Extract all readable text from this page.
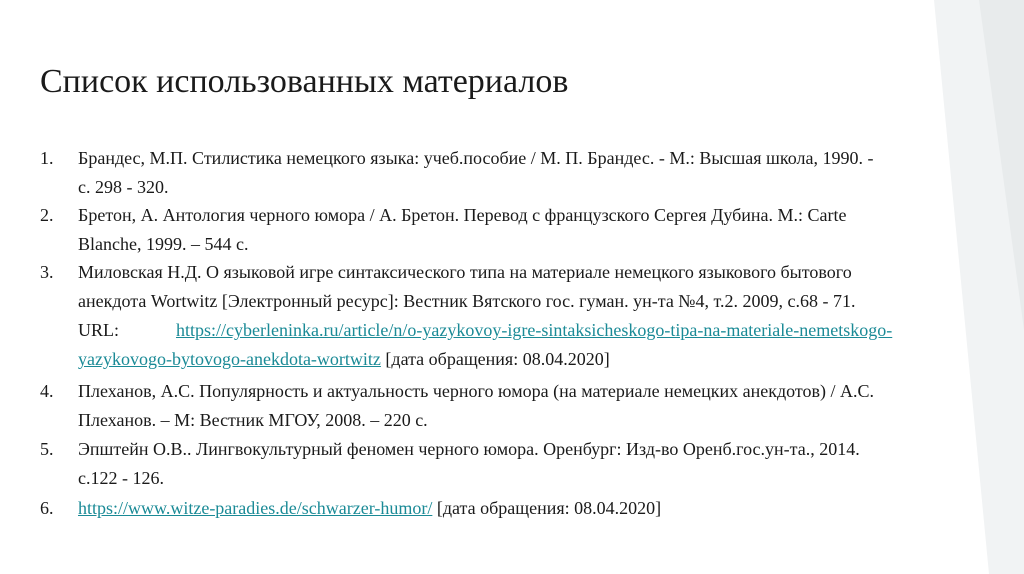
Список использованных материалов
1. Брандес, М.П. Стилистика немецкого языка: учеб.пособие / М. П. Брандес. - М.: Высшая школа, 1990. -
с. 298 - 320.
2. Бретон, А. Антология черного юмора / А. Бретон. Перевод с французского Сергея Дубина. М.: Carte
Blanche, 1999. – 544 с.
3. Миловская Н.Д. О языковой игре синтаксического типа на материале немецкого языкового бытового
анекдота Wortwitz [Электронный ресурс]: Вестник Вятского гос. гуман. ун-та №4, т.2. 2009, с.68 - 71.
URL:	https://cyberleninka.ru/article/n/o-yazykovoy-igre-sintaksicheskogo-tipa-na-materiale-nemetskogo-
yazykovogo-bytovogo-anekdota-wortwitz [дата обращения: 08.04.2020]
4. Плеханов, А.С. Популярность и актуальность черного юмора (на материале немецких анекдотов) / А.С.
Плеханов. – М: Вестник МГОУ, 2008. – 220 с.
5. Эпштейн О.В.. Лингвокультурный феномен черного юмора. Оренбург: Изд-во Оренб.гос.ун-та., 2014.
с.122 - 126.
6. https://www.witze-paradies.de/schwarzer-humor/ [дата обращения: 08.04.2020]
